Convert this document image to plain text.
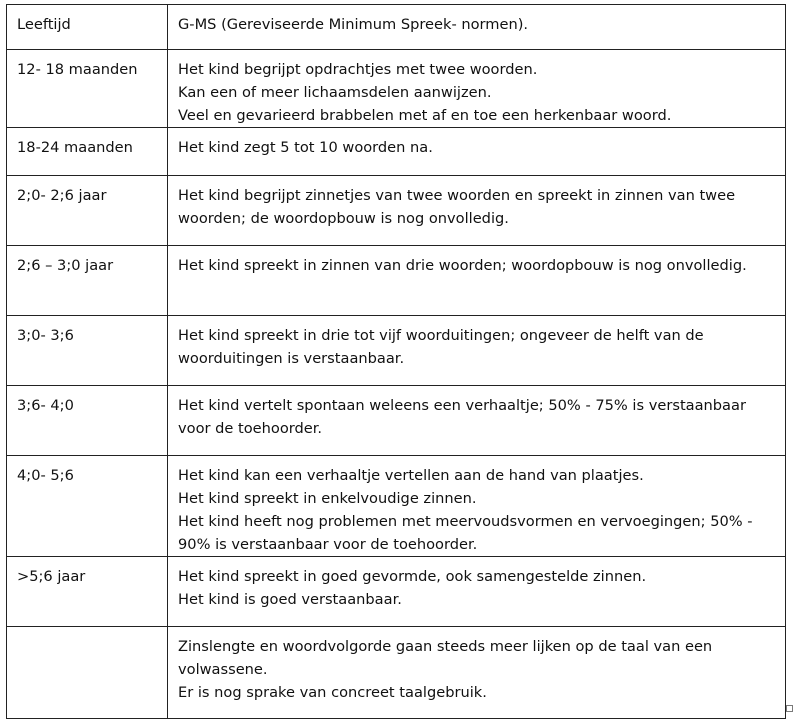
Leeftijd	G-MS (Gereviseerde Minimum Spreek- normen).
12- 18 maanden	Het kind begrijpt opdrachtjes met twee woorden.
Kan een of meer lichaamsdelen aanwijzen.
Veel en gevarieerd brabbelen met af en toe een herkenbaar woord.

18-24 maanden	Het kind zegt 5 tot 10 woorden na.

2;0- 2;6 jaar	Het kind begrijpt zinnetjes van twee woorden en spreekt in zinnen van twee woorden; de woordopbouw is nog onvolledig.

2;6 – 3;0 jaar	Het kind spreekt in zinnen van drie woorden; woordopbouw is nog onvolledig.

3;0- 3;6	Het kind spreekt in drie tot vijf woorduitingen; ongeveer de helft van de woorduitingen is verstaanbaar.

3;6- 4;0	Het kind vertelt spontaan weleens een verhaaltje; 50% - 75% is verstaanbaar voor de toehoorder.

4;0- 5;6	Het kind kan een verhaaltje vertellen aan de hand van plaatjes.
Het kind spreekt in enkelvoudige zinnen.
Het kind heeft nog problemen met meervoudsvormen en vervoegingen; 50% - 90% is verstaanbaar voor de toehoorder.

>5;6 jaar	Het kind spreekt in goed gevormde, ook samengestelde zinnen.
Het kind is goed verstaanbaar.

	Zinslengte en woordvolgorde gaan steeds meer lijken op de taal van een volwassene.
Er is nog sprake van concreet taalgebruik.
